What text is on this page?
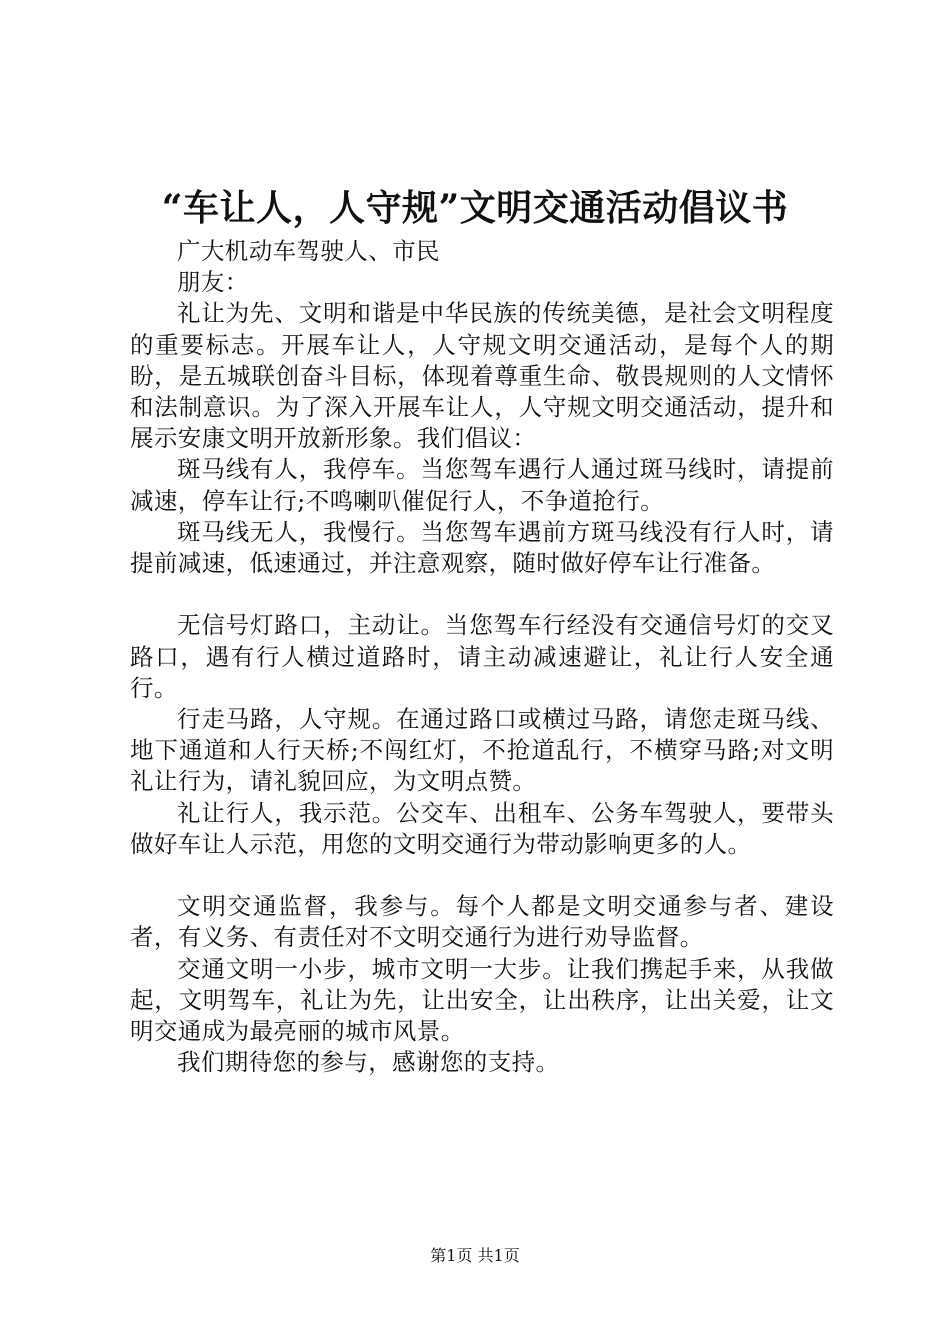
“车让人，人守规”文明交通活动倡议书

广大机动车驾驶人、市民

朋友：

礼让为先、文明和谐是中华民族的传统美德，是社会文明程度的重要标志。开展车让人，人守规文明交通活动，是每个人的期盼，是五城联创奋斗目标，体现着尊重生命、敬畏规则的人文情怀和法制意识。为了深入开展车让人，人守规文明交通活动，提升和展示安康文明开放新形象。我们倡议：

斑马线有人，我停车。当您驾车遇行人通过斑马线时，请提前减速，停车让行;不鸣喇叭催促行人，不争道抢行。

斑马线无人，我慢行。当您驾车遇前方斑马线没有行人时，请提前减速，低速通过，并注意观察，随时做好停车让行准备。

无信号灯路口，主动让。当您驾车行经没有交通信号灯的交叉路口，遇有行人横过道路时，请主动减速避让，礼让行人安全通行。

行走马路，人守规。在通过路口或横过马路，请您走斑马线、地下通道和人行天桥;不闯红灯，不抢道乱行，不横穿马路;对文明礼让行为，请礼貌回应，为文明点赞。

礼让行人，我示范。公交车、出租车、公务车驾驶人，要带头做好车让人示范，用您的文明交通行为带动影响更多的人。

文明交通监督，我参与。每个人都是文明交通参与者、建设者，有义务、有责任对不文明交通行为进行劝导监督。

交通文明一小步，城市文明一大步。让我们携起手来，从我做起，文明驾车，礼让为先，让出安全，让出秩序，让出关爱，让文明交通成为最亮丽的城市风景。

我们期待您的参与，感谢您的支持。

第1页 共1页
